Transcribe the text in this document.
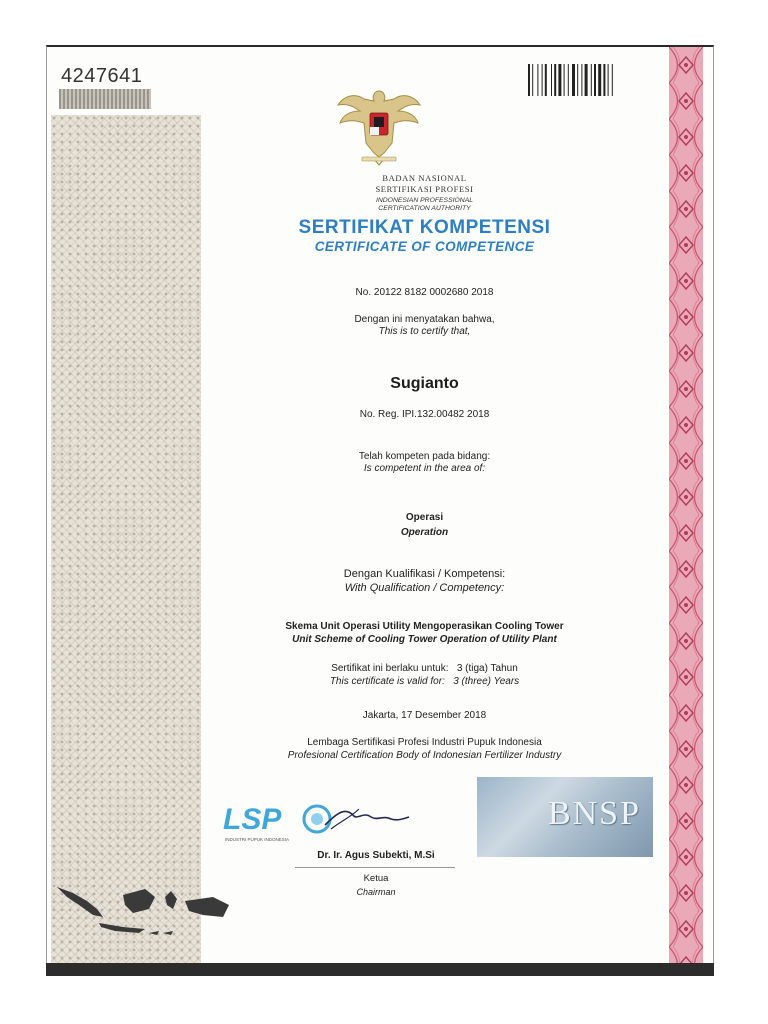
4247641
BADAN NASIONAL
SERTIFIKASI PROFESI
INDONESIAN PROFESSIONAL
CERTIFICATION AUTHORITY
SERTIFIKAT KOMPETENSI
CERTIFICATE OF COMPETENCE
No. 20122 8182 0002680 2018
Dengan ini menyatakan bahwa,
This is to certify that,
Sugianto
No. Reg. IPI.132.00482 2018
Telah kompeten pada bidang:
Is competent in the area of:
Operasi
Operation
Dengan Kualifikasi / Kompetensi:
With Qualification / Competency:
Skema Unit Operasi Utility Mengoperasikan Cooling Tower
Unit Scheme of Cooling Tower Operation of Utility Plant
Sertifikat ini berlaku untuk: 3 (tiga) Tahun
This certificate is valid for: 3 (three) Years
Jakarta, 17 Desember 2018
Lembaga Sertifikasi Profesi Industri Pupuk Indonesia
Profesional Certification Body of Indonesian Fertilizer Industry
LSP
INDUSTRI PUPUK INDONESIA
BNSP
Dr. Ir. Agus Subekti, M.Si
Ketua
Chairman
